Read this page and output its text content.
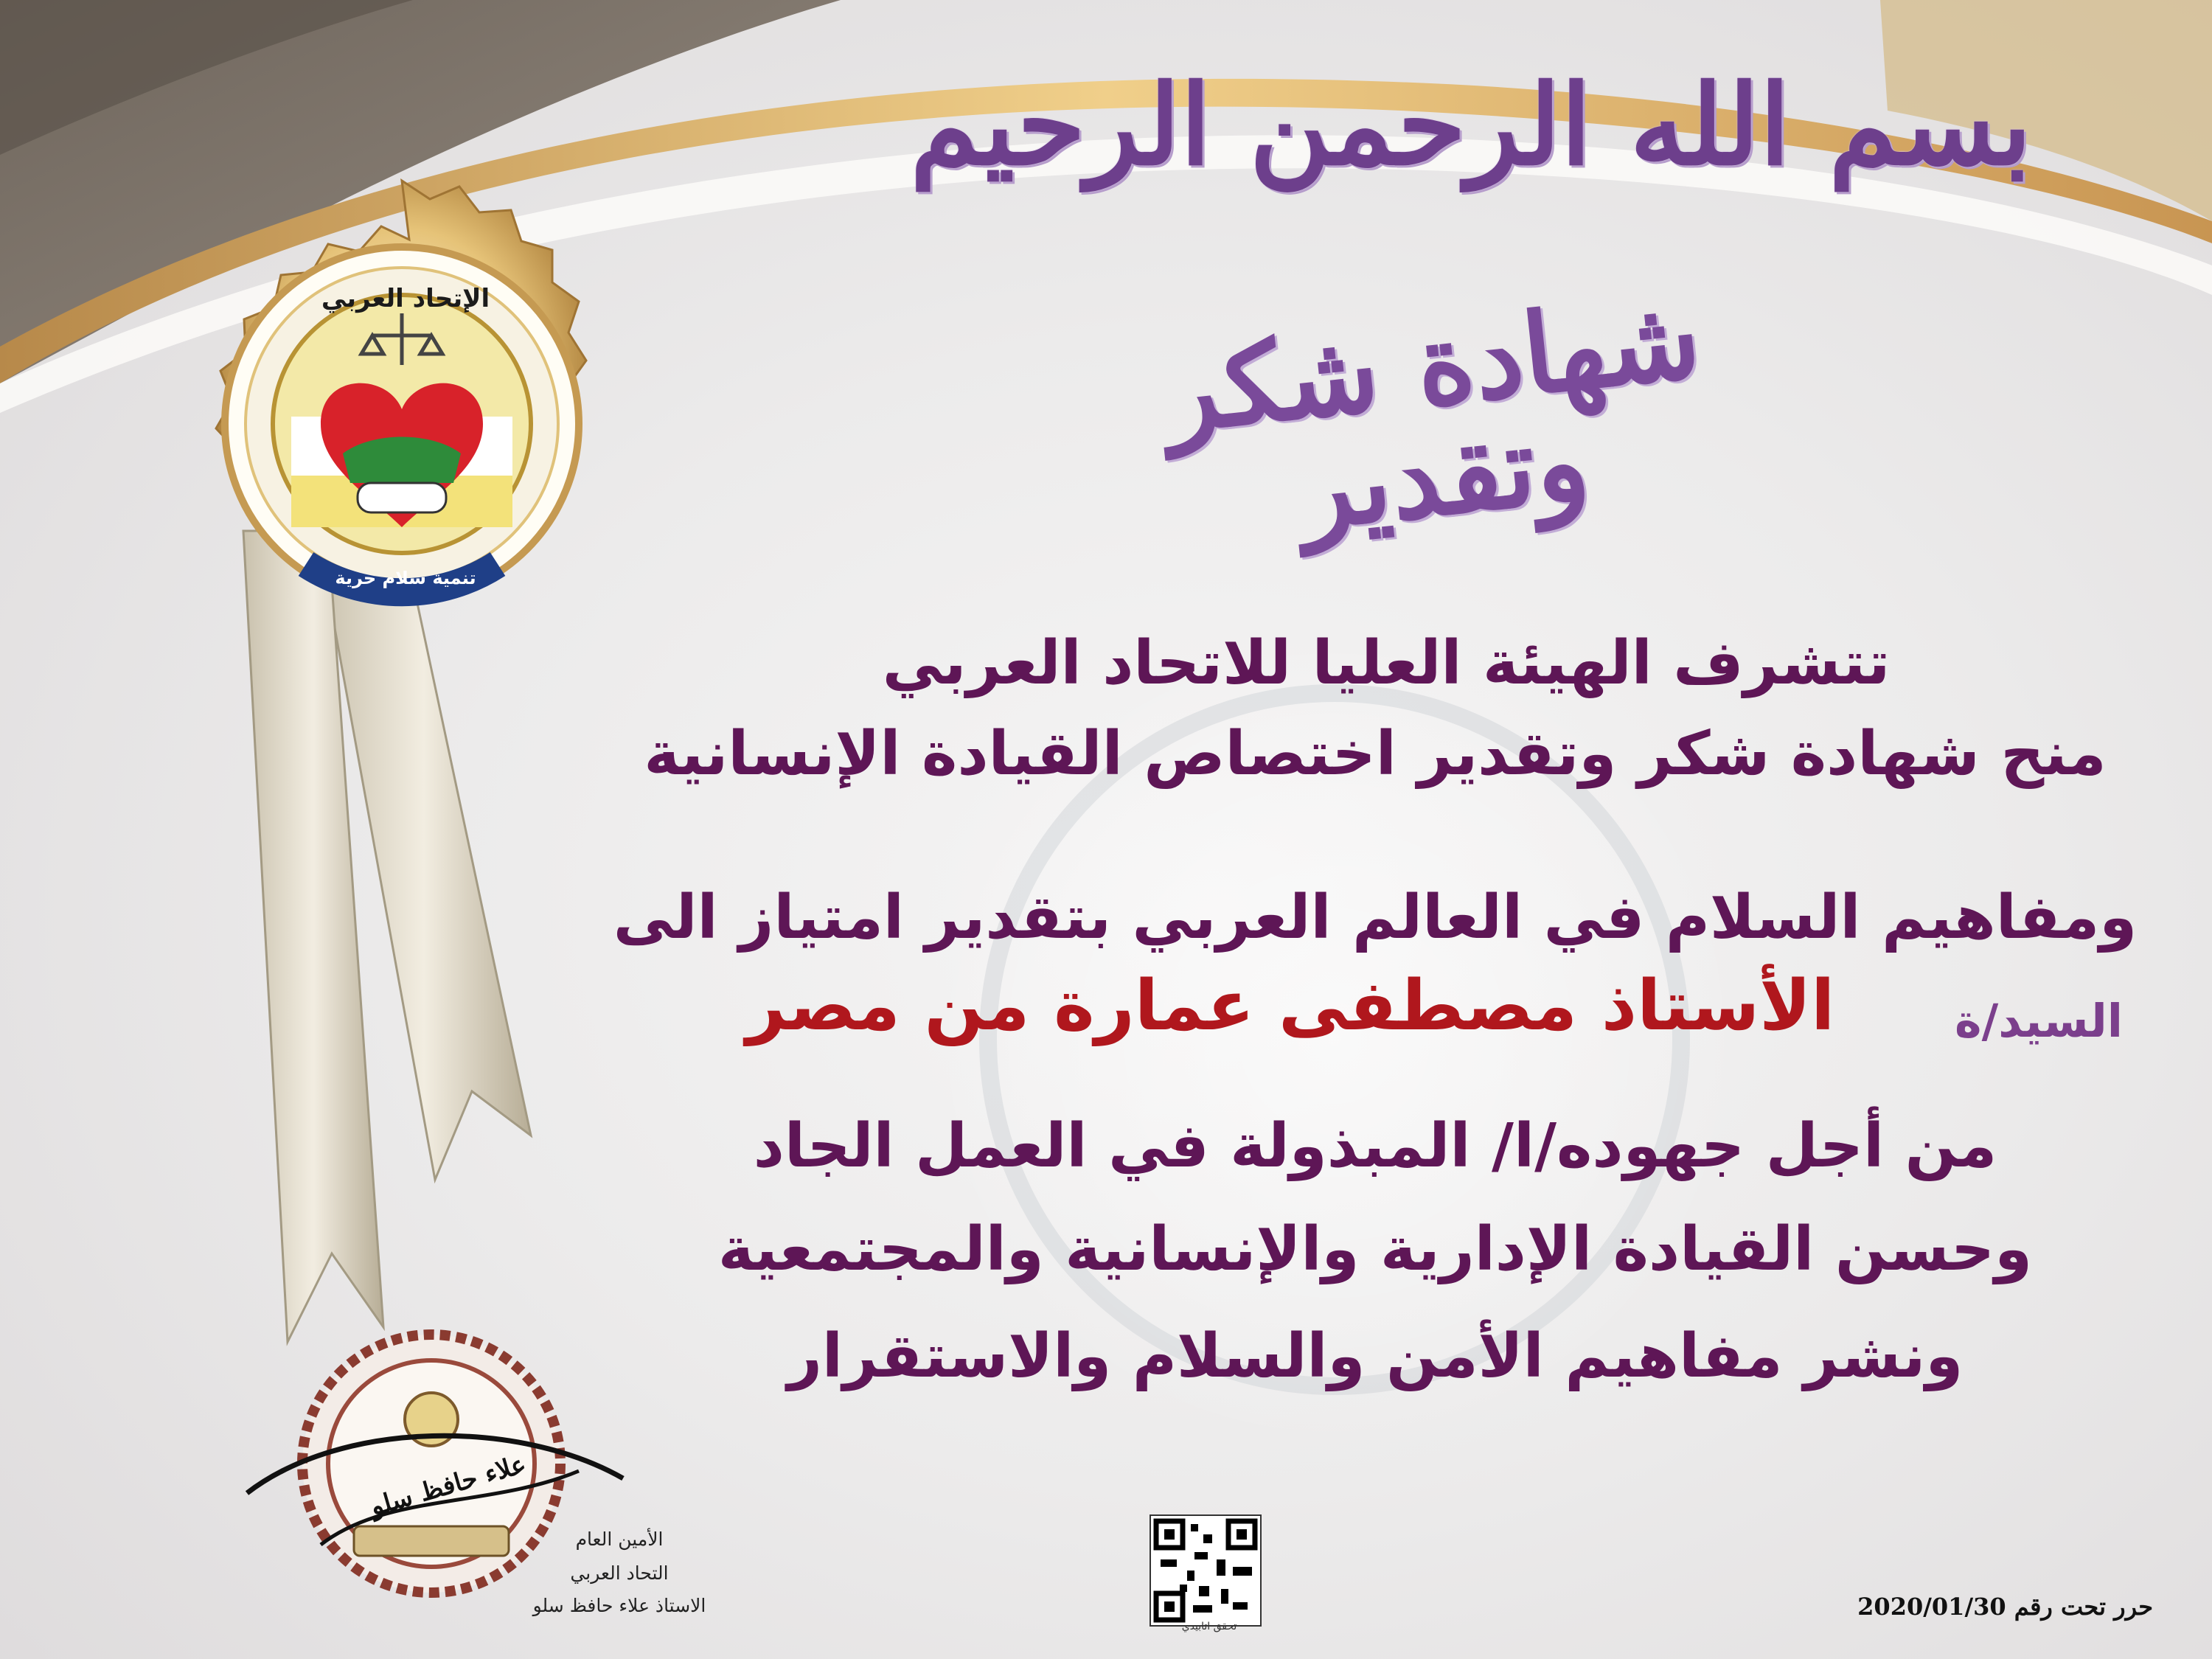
الإتحاد العربي
تنمية سلام حرية
بسم الله الرحمن الرحيم
شهادة شكر وتقدير
تتشرف الهيئة العليا للاتحاد العربي
منح شهادة شكر وتقدير اختصاص القيادة الإنسانية
ومفاهيم السلام في العالم العربي بتقدير امتياز الى
السيد/ة
الأستاذ مصطفى عمارة من مصر
من أجل جهوده/ا/ المبذولة في العمل الجاد
وحسن القيادة الإدارية والإنسانية والمجتمعية
ونشر مفاهيم الأمن والسلام والاستقرار
علاء حافظ سلو
الأمين العام
التحاد العربي
الاستاذ علاء حافظ سلو
تحقق اتابيدي
حرر تحت رقم 2020/01/30
